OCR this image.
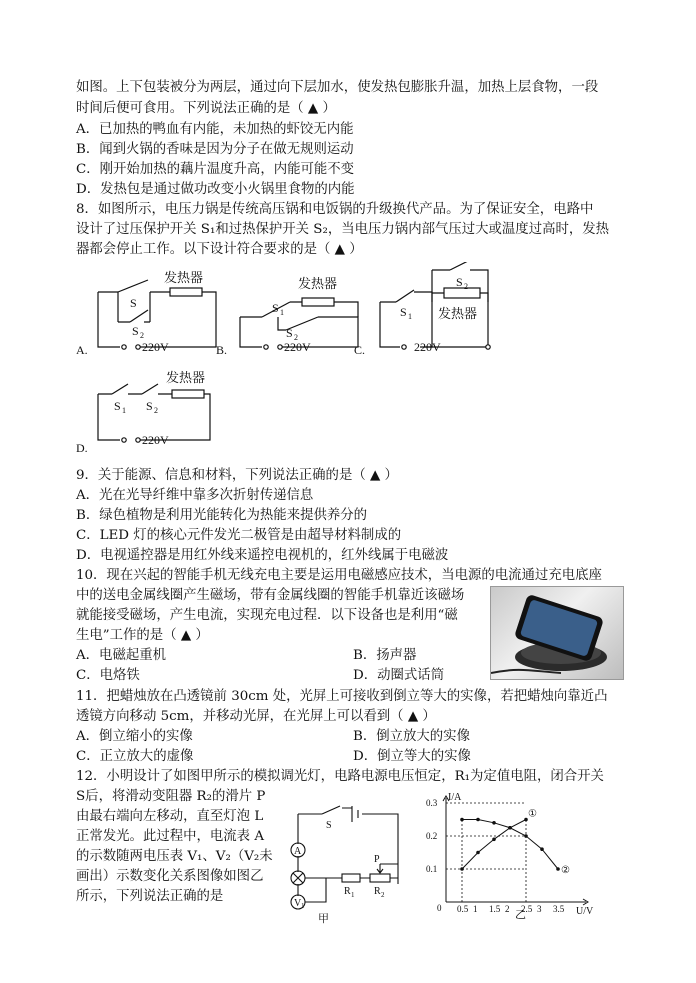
如图。上下包装被分为两层，通过向下层加水，使发热包膨胀升温，加热上层食物，一段
时间后便可食用。下列说法正确的是（ ▲ ）
A．已加热的鸭血有内能，未加热的虾饺无内能
B．闻到火锅的香味是因为分子在做无规则运动
C．刚开始加热的藕片温度升高，内能可能不变
D．发热包是通过做功改变小火锅里食物的内能
8．如图所示，电压力锅是传统高压锅和电饭锅的升级换代产品。为了保证安全，电路中
设计了过压保护开关 S₁和过热保护开关 S₂，当电压力锅内部气压过大或温度过高时，发热
器都会停止工作。以下设计符合要求的是（ ▲ ）
发热器
S
S 2
220V
A.
发热器
S 1
S 2
220V
B.
S 2
S 1 发热器
220V
C.
发热器
S 1 S 2
220V
D.
9．关于能源、信息和材料，下列说法正确的是（ ▲ ）
A．光在光导纤维中靠多次折射传递信息
B．绿色植物是利用光能转化为热能来提供养分的
C．LED 灯的核心元件发光二极管是由超导材料制成的
D．电视遥控器是用红外线来遥控电视机的，红外线属于电磁波
10．现在兴起的智能手机无线充电主要是运用电磁感应技术，当电源的电流通过充电底座
中的送电金属线圈产生磁场，带有金属线圈的智能手机靠近该磁场
就能接受磁场，产生电流，实现充电过程．以下设备也是利用“磁
生电”工作的是（ ▲ ）
A．电磁起重机	B．扬声器
C．电烙铁	D．动圈式话筒
11．把蜡烛放在凸透镜前 30cm 处，光屏上可接收到倒立等大的实像，若把蜡烛向靠近凸
透镜方向移动 5cm，并移动光屏，在光屏上可以看到（ ▲ ）
A．倒立缩小的实像	B．倒立放大的实像
C．正立放大的虚像	D．倒立等大的实像
12．小明设计了如图甲所示的模拟调光灯，电路电源电压恒定，R₁为定值电阻，闭合开关
S后，将滑动变阻器 R₂的滑片 P
由最右端向左移动，直至灯泡 L
正常发光。此过程中，电流表 A
的示数随两电压表 V₁、V₂（V₂未
画出）示数变化关系图像如图乙
所示，下列说法正确的是
A
V 1
S
P
R 1 R 2
甲
0.5 1 1.5 2 2.5 3 3.5
0.1
0.2
0.3
①
②
I/A
U/V
乙
0
